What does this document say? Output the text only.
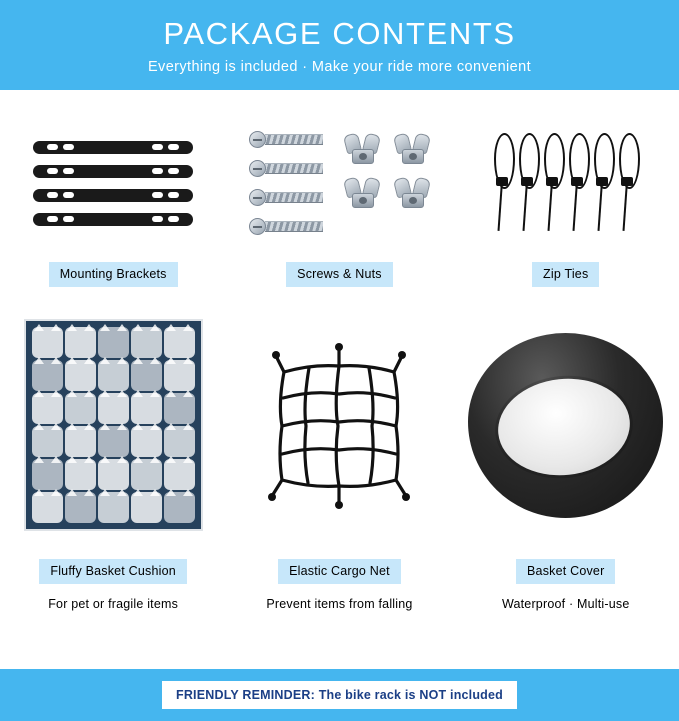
PACKAGE CONTENTS
Everything is included · Make your ride more convenient
Mounting Brackets	Screws & Nuts	Zip Ties
Fluffy Basket Cushion
For pet or fragile items
Elastic Cargo Net
Prevent items from falling
Basket Cover
Waterproof · Multi-use
FRIENDLY REMINDER: The bike rack is NOT included
